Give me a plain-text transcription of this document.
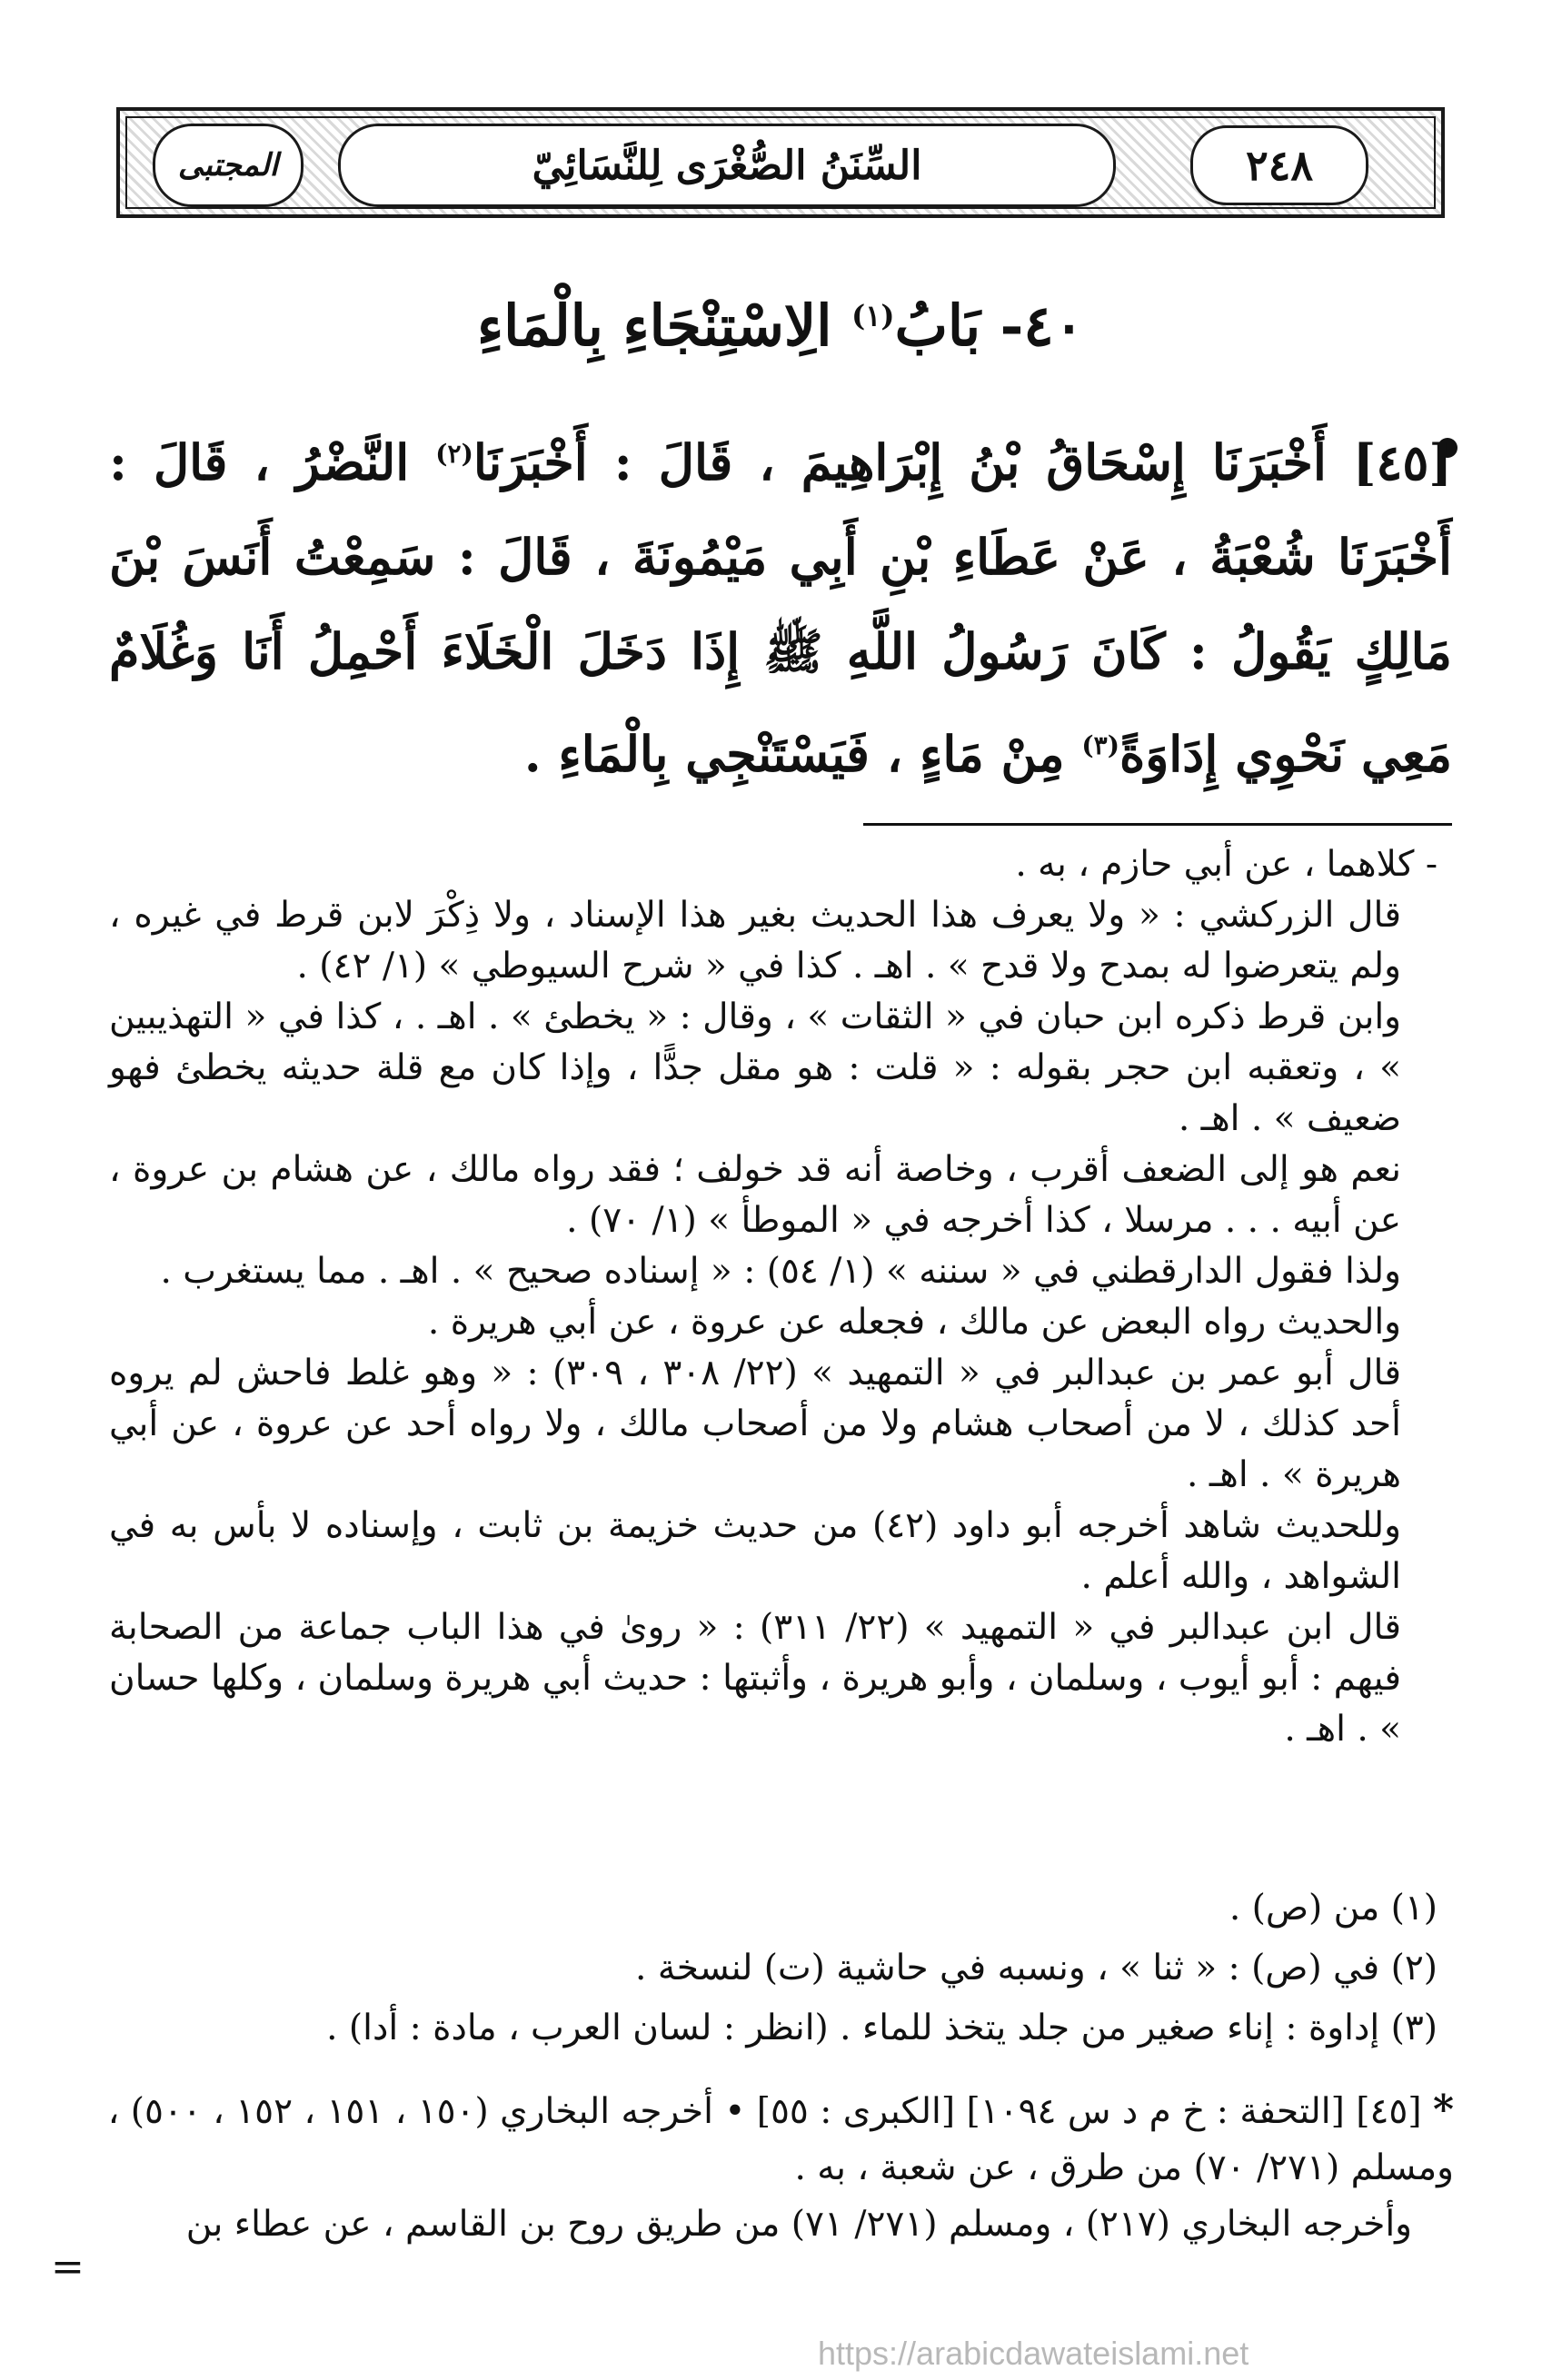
المجتبى	السِّنَنُ الصُّغْرَى لِلنَّسَائِيّ	٢٤٨
٤٠- بَابُ$^{(١)}$ الِاسْتِنْجَاءِ بِالْمَاءِ
[٤٥] أَخْبَرَنَا إِسْحَاقُ بْنُ إِبْرَاهِيمَ ، قَالَ : أَخْبَرَنَا$^{(٢)}$ النَّضْرُ ، قَالَ : أَخْبَرَنَا شُعْبَةُ ، عَنْ عَطَاءِ بْنِ أَبِي مَيْمُونَةَ ، قَالَ : سَمِعْتُ أَنَسَ بْنَ مَالِكٍ يَقُولُ : كَانَ رَسُولُ اللَّهِ ﷺ إِذَا دَخَلَ الْخَلَاءَ أَحْمِلُ أَنَا وَغُلَامٌ مَعِي نَحْوِي إِدَاوَةً$^{(٣)}$ مِنْ مَاءٍ ، فَيَسْتَنْجِي بِالْمَاءِ .

- كلاهما ، عن أبي حازم ، به .

قال الزركشي : « ولا يعرف هذا الحديث بغير هذا الإسناد ، ولا ذِكْرَ لابن قرط في غيره ، ولم يتعرضوا له بمدح ولا قدح » . اهـ . كذا في « شرح السيوطي » (١/ ٤٢) .

وابن قرط ذكره ابن حبان في « الثقات » ، وقال : « يخطئ » . اهـ . ، كذا في « التهذيبين » ، وتعقبه ابن حجر بقوله : « قلت : هو مقل جدًّا ، وإذا كان مع قلة حديثه يخطئ فهو ضعيف » . اهـ .

نعم هو إلى الضعف أقرب ، وخاصة أنه قد خولف ؛ فقد رواه مالك ، عن هشام بن عروة ، عن أبيه . . . مرسلا ، كذا أخرجه في « الموطأ » (١/ ٧٠) .

ولذا فقول الدارقطني في « سننه » (١/ ٥٤) : « إسناده صحيح » . اهـ . مما يستغرب .

والحديث رواه البعض عن مالك ، فجعله عن عروة ، عن أبي هريرة .

قال أبو عمر بن عبدالبر في « التمهيد » (٢٢/ ٣٠٨ ، ٣٠٩) : « وهو غلط فاحش لم يروه أحد كذلك ، لا من أصحاب هشام ولا من أصحاب مالك ، ولا رواه أحد عن عروة ، عن أبي هريرة » . اهـ .

وللحديث شاهد أخرجه أبو داود (٤٢) من حديث خزيمة بن ثابت ، وإسناده لا بأس به في الشواهد ، والله أعلم .

قال ابن عبدالبر في « التمهيد » (٢٢/ ٣١١) : « روىٰ في هذا الباب جماعة من الصحابة فيهم : أبو أيوب ، وسلمان ، وأبو هريرة ، وأثبتها : حديث أبي هريرة وسلمان ، وكلها حسان » . اهـ .

(١) من (ص) .

(٢) في (ص) : « ثنا » ، ونسبه في حاشية (ت) لنسخة .

(٣) إداوة : إناء صغير من جلد يتخذ للماء . (انظر : لسان العرب ، مادة : أدا) .

* [٤٥] [التحفة : خ م د س ١٠٩٤] [الكبرى : ٥٥] • أخرجه البخاري (١٥٠ ، ١٥١ ، ١٥٢ ، ٥٠٠) ، ومسلم (٢٧١/ ٧٠) من طرق ، عن شعبة ، به .

وأخرجه البخاري (٢١٧) ، ومسلم (٢٧١/ ٧١) من طريق روح بن القاسم ، عن عطاء بن

=
https://arabicdawateislami.net
